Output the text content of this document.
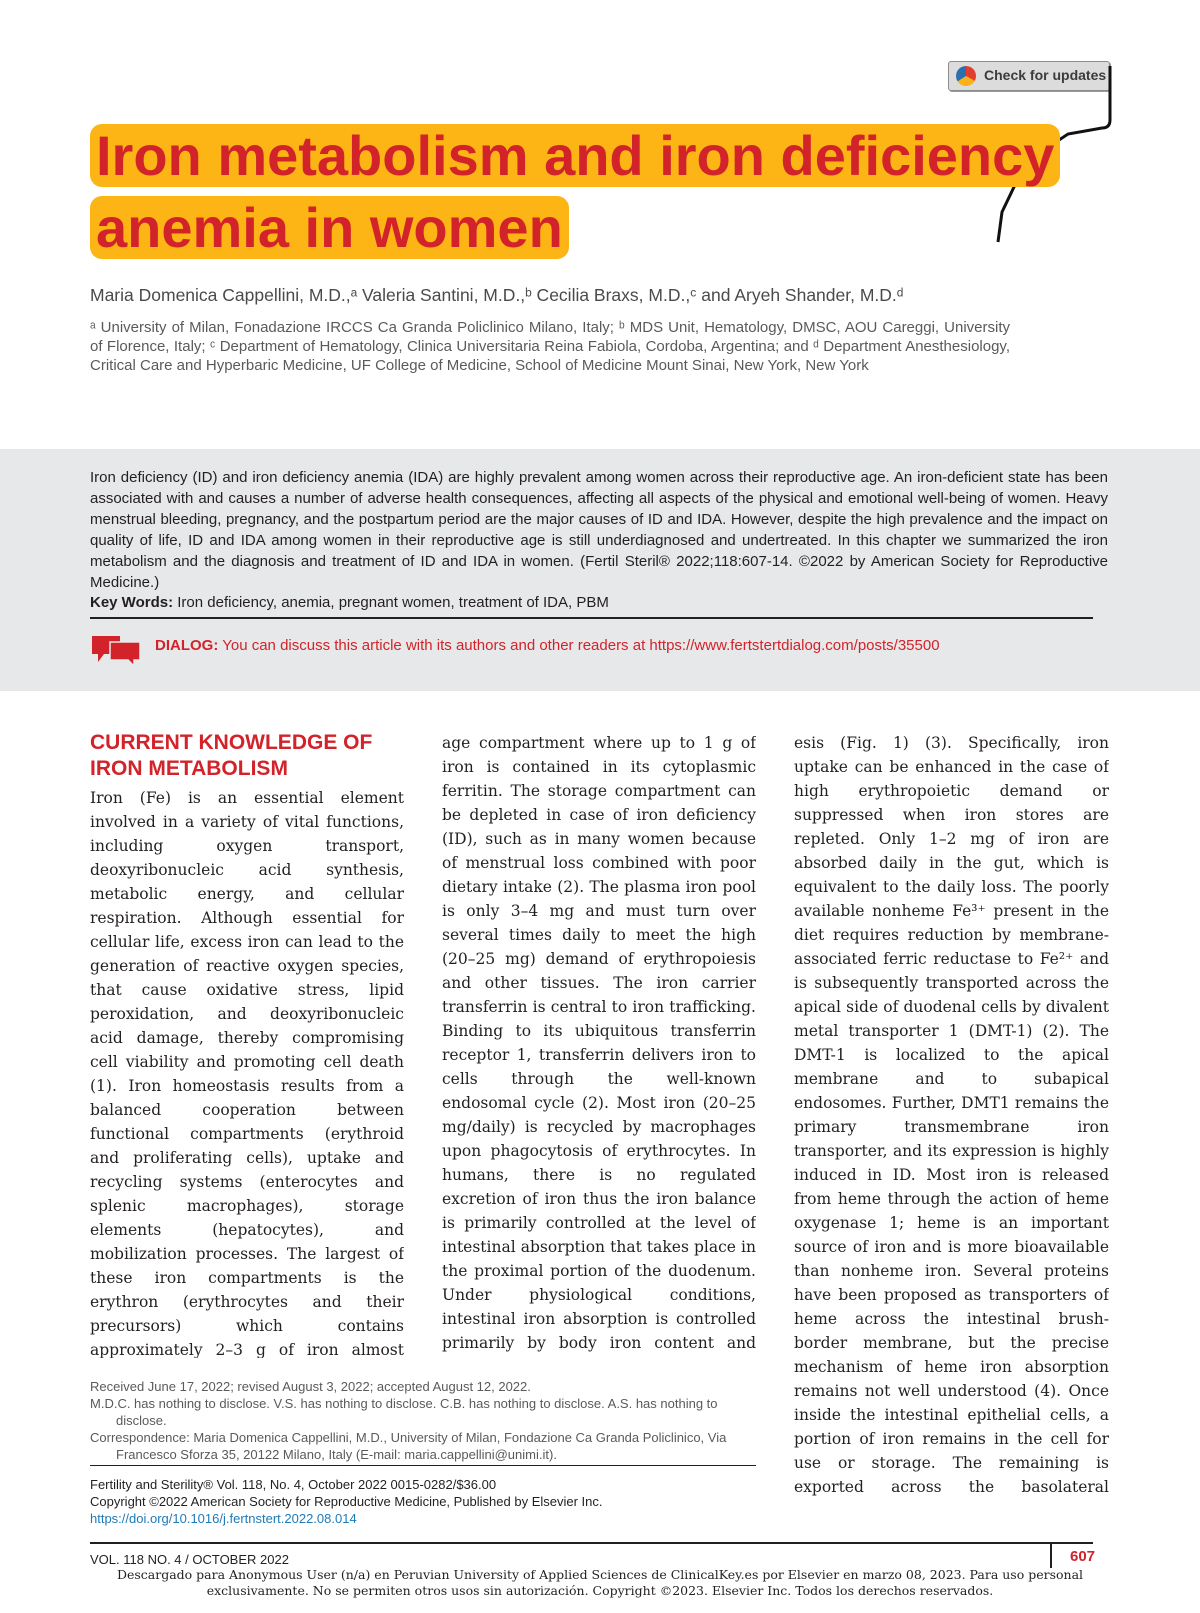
Check for updates
Iron metabolism and iron deficiency anemia in women
Maria Domenica Cappellini, M.D.,ᵃ Valeria Santini, M.D.,ᵇ Cecilia Braxs, M.D.,ᶜ and Aryeh Shander, M.D.ᵈ
ᵃ University of Milan, Fonadazione IRCCS Ca Granda Policlinico Milano, Italy; ᵇ MDS Unit, Hematology, DMSC, AOU Careggi, University of Florence, Italy; ᶜ Department of Hematology, Clinica Universitaria Reina Fabiola, Cordoba, Argentina; and ᵈ Department Anesthesiology, Critical Care and Hyperbaric Medicine, UF College of Medicine, School of Medicine Mount Sinai, New York, New York
Iron deficiency (ID) and iron deficiency anemia (IDA) are highly prevalent among women across their reproductive age. An iron-deficient state has been associated with and causes a number of adverse health consequences, affecting all aspects of the physical and emotional well-being of women. Heavy menstrual bleeding, pregnancy, and the postpartum period are the major causes of ID and IDA. However, despite the high prevalence and the impact on quality of life, ID and IDA among women in their reproductive age is still underdiagnosed and undertreated. In this chapter we summarized the iron metabolism and the diagnosis and treatment of ID and IDA in women. (Fertil Steril® 2022;118:607-14. ©2022 by American Society for Reproductive Medicine.)
Key Words: Iron deficiency, anemia, pregnant women, treatment of IDA, PBM
DIALOG: You can discuss this article with its authors and other readers at https://www.fertstertdialog.com/posts/35500
CURRENT KNOWLEDGE OF IRON METABOLISM
Iron (Fe) is an essential element involved in a variety of vital functions, including oxygen transport, deoxyribonucleic acid synthesis, metabolic energy, and cellular respiration. Although essential for cellular life, excess iron can lead to the generation of reactive oxygen species, that cause oxidative stress, lipid peroxidation, and deoxyribonucleic acid damage, thereby compromising cell viability and promoting cell death (1). Iron homeostasis results from a balanced cooperation between functional compartments (erythroid and proliferating cells), uptake and recycling systems (enterocytes and splenic macrophages), storage elements (hepatocytes), and mobilization processes. The largest of these iron compartments is the erythron (erythrocytes and their precursors) which contains approximately 2–3 g of iron almost
age compartment where up to 1 g of iron is contained in its cytoplasmic ferritin. The storage compartment can be depleted in case of iron deficiency (ID), such as in many women because of menstrual loss combined with poor dietary intake (2). The plasma iron pool is only 3–4 mg and must turn over several times daily to meet the high (20–25 mg) demand of erythropoiesis and other tissues. The iron carrier transferrin is central to iron trafficking. Binding to its ubiquitous transferrin receptor 1, transferrin delivers iron to cells through the well-known endosomal cycle (2). Most iron (20–25 mg/daily) is recycled by macrophages upon phagocytosis of erythrocytes. In humans, there is no regulated excretion of iron thus the iron balance is primarily controlled at the level of intestinal absorption that takes place in the proximal portion of the duodenum. Under physiological conditions, intestinal iron absorption is controlled primarily by body iron content and
esis (Fig. 1) (3). Specifically, iron uptake can be enhanced in the case of high erythropoietic demand or suppressed when iron stores are repleted. Only 1–2 mg of iron are absorbed daily in the gut, which is equivalent to the daily loss. The poorly available nonheme Fe³⁺ present in the diet requires reduction by membrane-associated ferric reductase to Fe²⁺ and is subsequently transported across the apical side of duodenal cells by divalent metal transporter 1 (DMT-1) (2). The DMT-1 is localized to the apical membrane and to subapical endosomes. Further, DMT1 remains the primary transmembrane iron transporter, and its expression is highly induced in ID. Most iron is released from heme through the action of heme oxygenase 1; heme is an important source of iron and is more bioavailable than nonheme iron. Several proteins have been proposed as transporters of heme across the intestinal brush-border membrane, but the precise mechanism of heme iron absorption remains not well understood (4). Once inside the intestinal epithelial cells, a portion of iron remains in the cell for use or storage. The remaining is exported across the basolateral

Received June 17, 2022; revised August 3, 2022; accepted August 12, 2022.

M.D.C. has nothing to disclose. V.S. has nothing to disclose. C.B. has nothing to disclose. A.S. has nothing to disclose.

Correspondence: Maria Domenica Cappellini, M.D., University of Milan, Fondazione Ca Granda Policlinico, Via Francesco Sforza 35, 20122 Milano, Italy (E-mail: maria.cappellini@unimi.it).

Fertility and Sterility® Vol. 118, No. 4, October 2022 0015-0282/$36.00

Copyright ©2022 American Society for Reproductive Medicine, Published by Elsevier Inc.

https://doi.org/10.1016/j.fertnstert.2022.08.014

VOL. 118 NO. 4 / OCTOBER 2022	607
Descargado para Anonymous User (n/a) en Peruvian University of Applied Sciences de ClinicalKey.es por Elsevier en marzo 08, 2023. Para uso personal exclusivamente. No se permiten otros usos sin autorización. Copyright ©2023. Elsevier Inc. Todos los derechos reservados.
